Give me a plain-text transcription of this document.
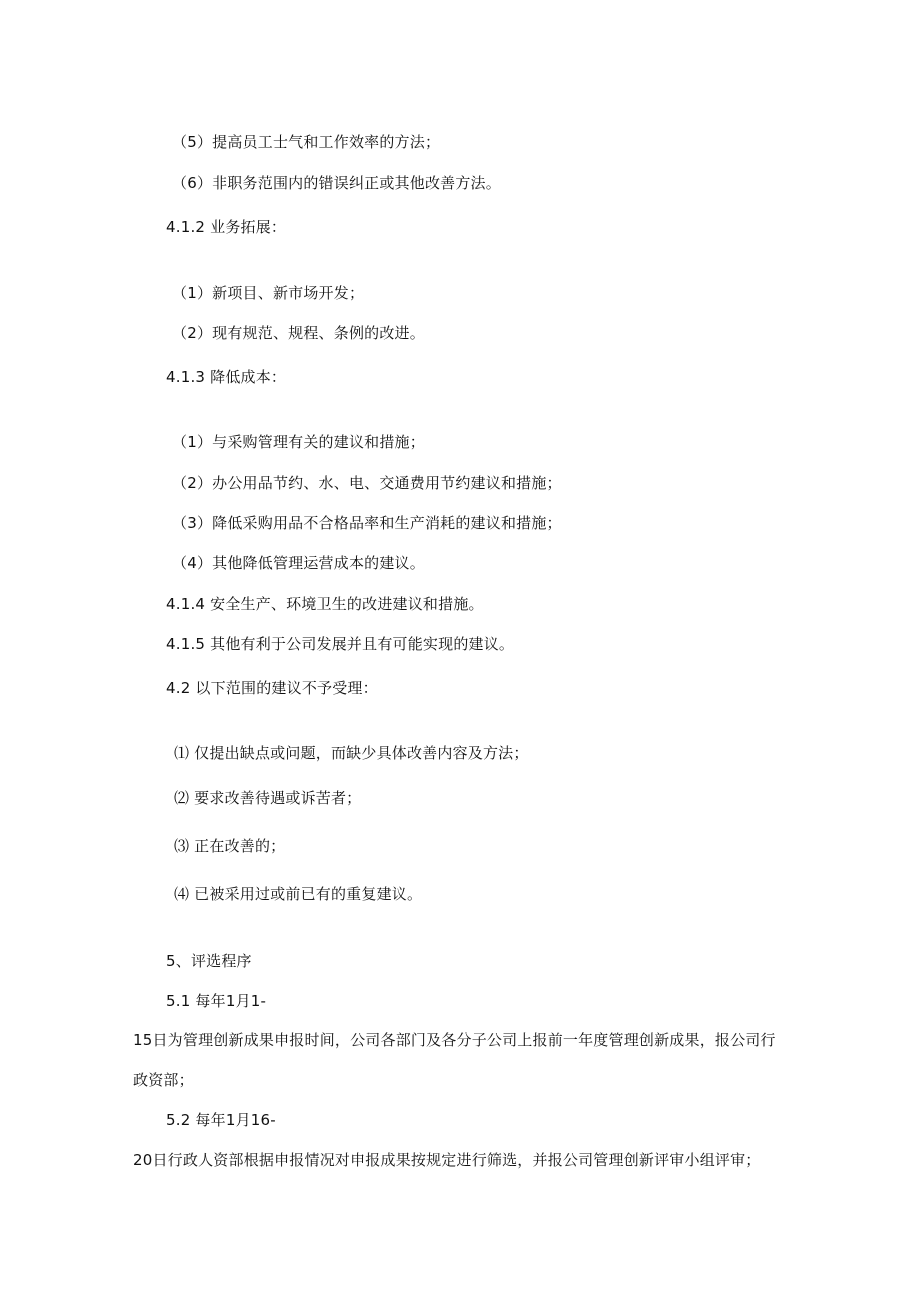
（5）提高员工士气和工作效率的方法；
（6）非职务范围内的错误纠正或其他改善方法。
4.1.2 业务拓展：
（1）新项目、新市场开发；
（2）现有规范、规程、条例的改进。
4.1.3 降低成本：
（1）与采购管理有关的建议和措施；
（2）办公用品节约、水、电、交通费用节约建议和措施；
（3）降低采购用品不合格品率和生产消耗的建议和措施；
（4）其他降低管理运营成本的建议。
4.1.4 安全生产、环境卫生的改进建议和措施。
4.1.5 其他有利于公司发展并且有可能实现的建议。
4.2 以下范围的建议不予受理：
⑴ 仅提出缺点或问题，而缺少具体改善内容及方法；
⑵ 要求改善待遇或诉苦者；
⑶ 正在改善的；
⑷ 已被采用过或前已有的重复建议。
5、评选程序
5.1 每年1月1-
15日为管理创新成果申报时间，公司各部门及各分子公司上报前一年度管理创新成果，报公司行
政资部；
5.2 每年1月16-
20日行政人资部根据申报情况对申报成果按规定进行筛选，并报公司管理创新评审小组评审；
